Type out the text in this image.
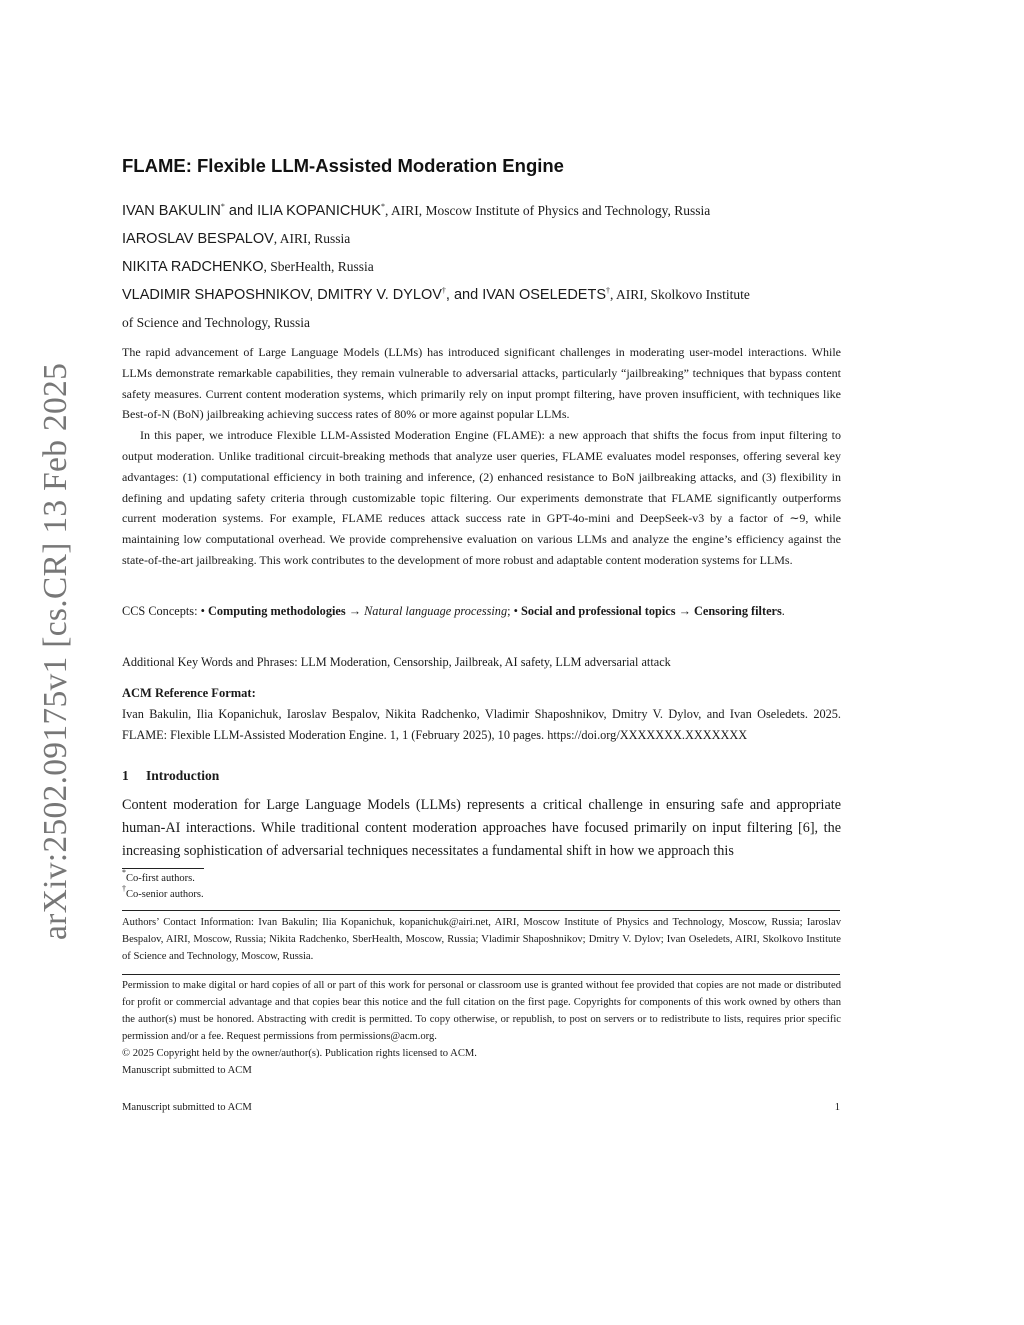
arXiv:2502.09175v1 [cs.CR] 13 Feb 2025
FLAME: Flexible LLM-Assisted Moderation Engine
IVAN BAKULIN* and ILIA KOPANICHUK*, AIRI, Moscow Institute of Physics and Technology, Russia
IAROSLAV BESPALOV, AIRI, Russia
NIKITA RADCHENKO, SberHealth, Russia
VLADIMIR SHAPOSHNIKOV, DMITRY V. DYLOV†, and IVAN OSELEDETS†, AIRI, Skolkovo Institute
of Science and Technology, Russia

The rapid advancement of Large Language Models (LLMs) has introduced significant challenges in moderating user-model interactions. While LLMs demonstrate remarkable capabilities, they remain vulnerable to adversarial attacks, particularly “jailbreaking” techniques that bypass content safety measures. Current content moderation systems, which primarily rely on input prompt filtering, have proven insufficient, with techniques like Best-of-N (BoN) jailbreaking achieving success rates of 80% or more against popular LLMs.

In this paper, we introduce Flexible LLM-Assisted Moderation Engine (FLAME): a new approach that shifts the focus from input filtering to output moderation. Unlike traditional circuit-breaking methods that analyze user queries, FLAME evaluates model responses, offering several key advantages: (1) computational efficiency in both training and inference, (2) enhanced resistance to BoN jailbreaking attacks, and (3) flexibility in defining and updating safety criteria through customizable topic filtering. Our experiments demonstrate that FLAME significantly outperforms current moderation systems. For example, FLAME reduces attack success rate in GPT-4o-mini and DeepSeek-v3 by a factor of ∼9, while maintaining low computational overhead. We provide comprehensive evaluation on various LLMs and analyze the engine’s efficiency against the state-of-the-art jailbreaking. This work contributes to the development of more robust and adaptable content moderation systems for LLMs.

CCS Concepts: • Computing methodologies → Natural language processing; • Social and professional topics → Censoring filters.
Additional Key Words and Phrases: LLM Moderation, Censorship, Jailbreak, AI safety, LLM adversarial attack
ACM Reference Format:
Ivan Bakulin, Ilia Kopanichuk, Iaroslav Bespalov, Nikita Radchenko, Vladimir Shaposhnikov, Dmitry V. Dylov, and Ivan Oseledets. 2025. FLAME: Flexible LLM-Assisted Moderation Engine. 1, 1 (February 2025), 10 pages. https://doi.org/XXXXXXX.XXXXXXX
1 Introduction
Content moderation for Large Language Models (LLMs) represents a critical challenge in ensuring safe and appropriate human-AI interactions. While traditional content moderation approaches have focused primarily on input filtering [6], the increasing sophistication of adversarial techniques necessitates a fundamental shift in how we approach this
*Co-first authors.
†Co-senior authors.
Authors’ Contact Information: Ivan Bakulin; Ilia Kopanichuk, kopanichuk@airi.net, AIRI, Moscow Institute of Physics and Technology, Moscow, Russia; Iaroslav Bespalov, AIRI, Moscow, Russia; Nikita Radchenko, SberHealth, Moscow, Russia; Vladimir Shaposhnikov; Dmitry V. Dylov; Ivan Oseledets, AIRI, Skolkovo Institute of Science and Technology, Moscow, Russia.

Permission to make digital or hard copies of all or part of this work for personal or classroom use is granted without fee provided that copies are not made or distributed for profit or commercial advantage and that copies bear this notice and the full citation on the first page. Copyrights for components of this work owned by others than the author(s) must be honored. Abstracting with credit is permitted. To copy otherwise, or republish, to post on servers or to redistribute to lists, requires prior specific permission and/or a fee. Request permissions from permissions@acm.org.

© 2025 Copyright held by the owner/author(s). Publication rights licensed to ACM.

Manuscript submitted to ACM

Manuscript submitted to ACM	1
